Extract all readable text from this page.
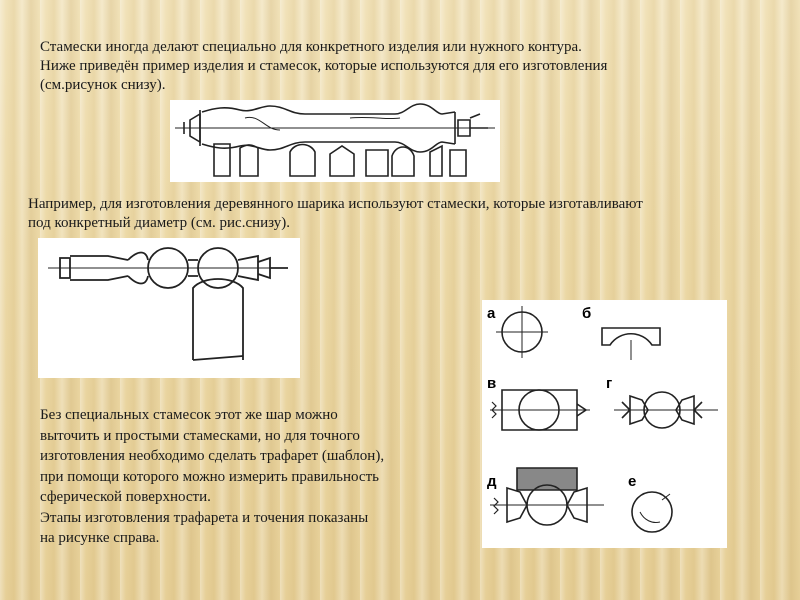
Стамески иногда делают специально для конкретного изделия или нужного контура.
Ниже приведён пример изделия и стамесок, которые используются для его изготовления
(см.рисунок снизу).
Например, для изготовления деревянного шарика используют стамески, которые изготавливают
под конкретный диаметр (см. рис.снизу).
а	б
в	г
д	е
Без специальных стамесок этот же шар можно
выточить и простыми стамесками, но для точного
изготовления необходимо сделать трафарет (шаблон),
при помощи которого можно измерить правильность
сферической поверхности.
Этапы изготовления трафарета и точения показаны
на рисунке справа.
